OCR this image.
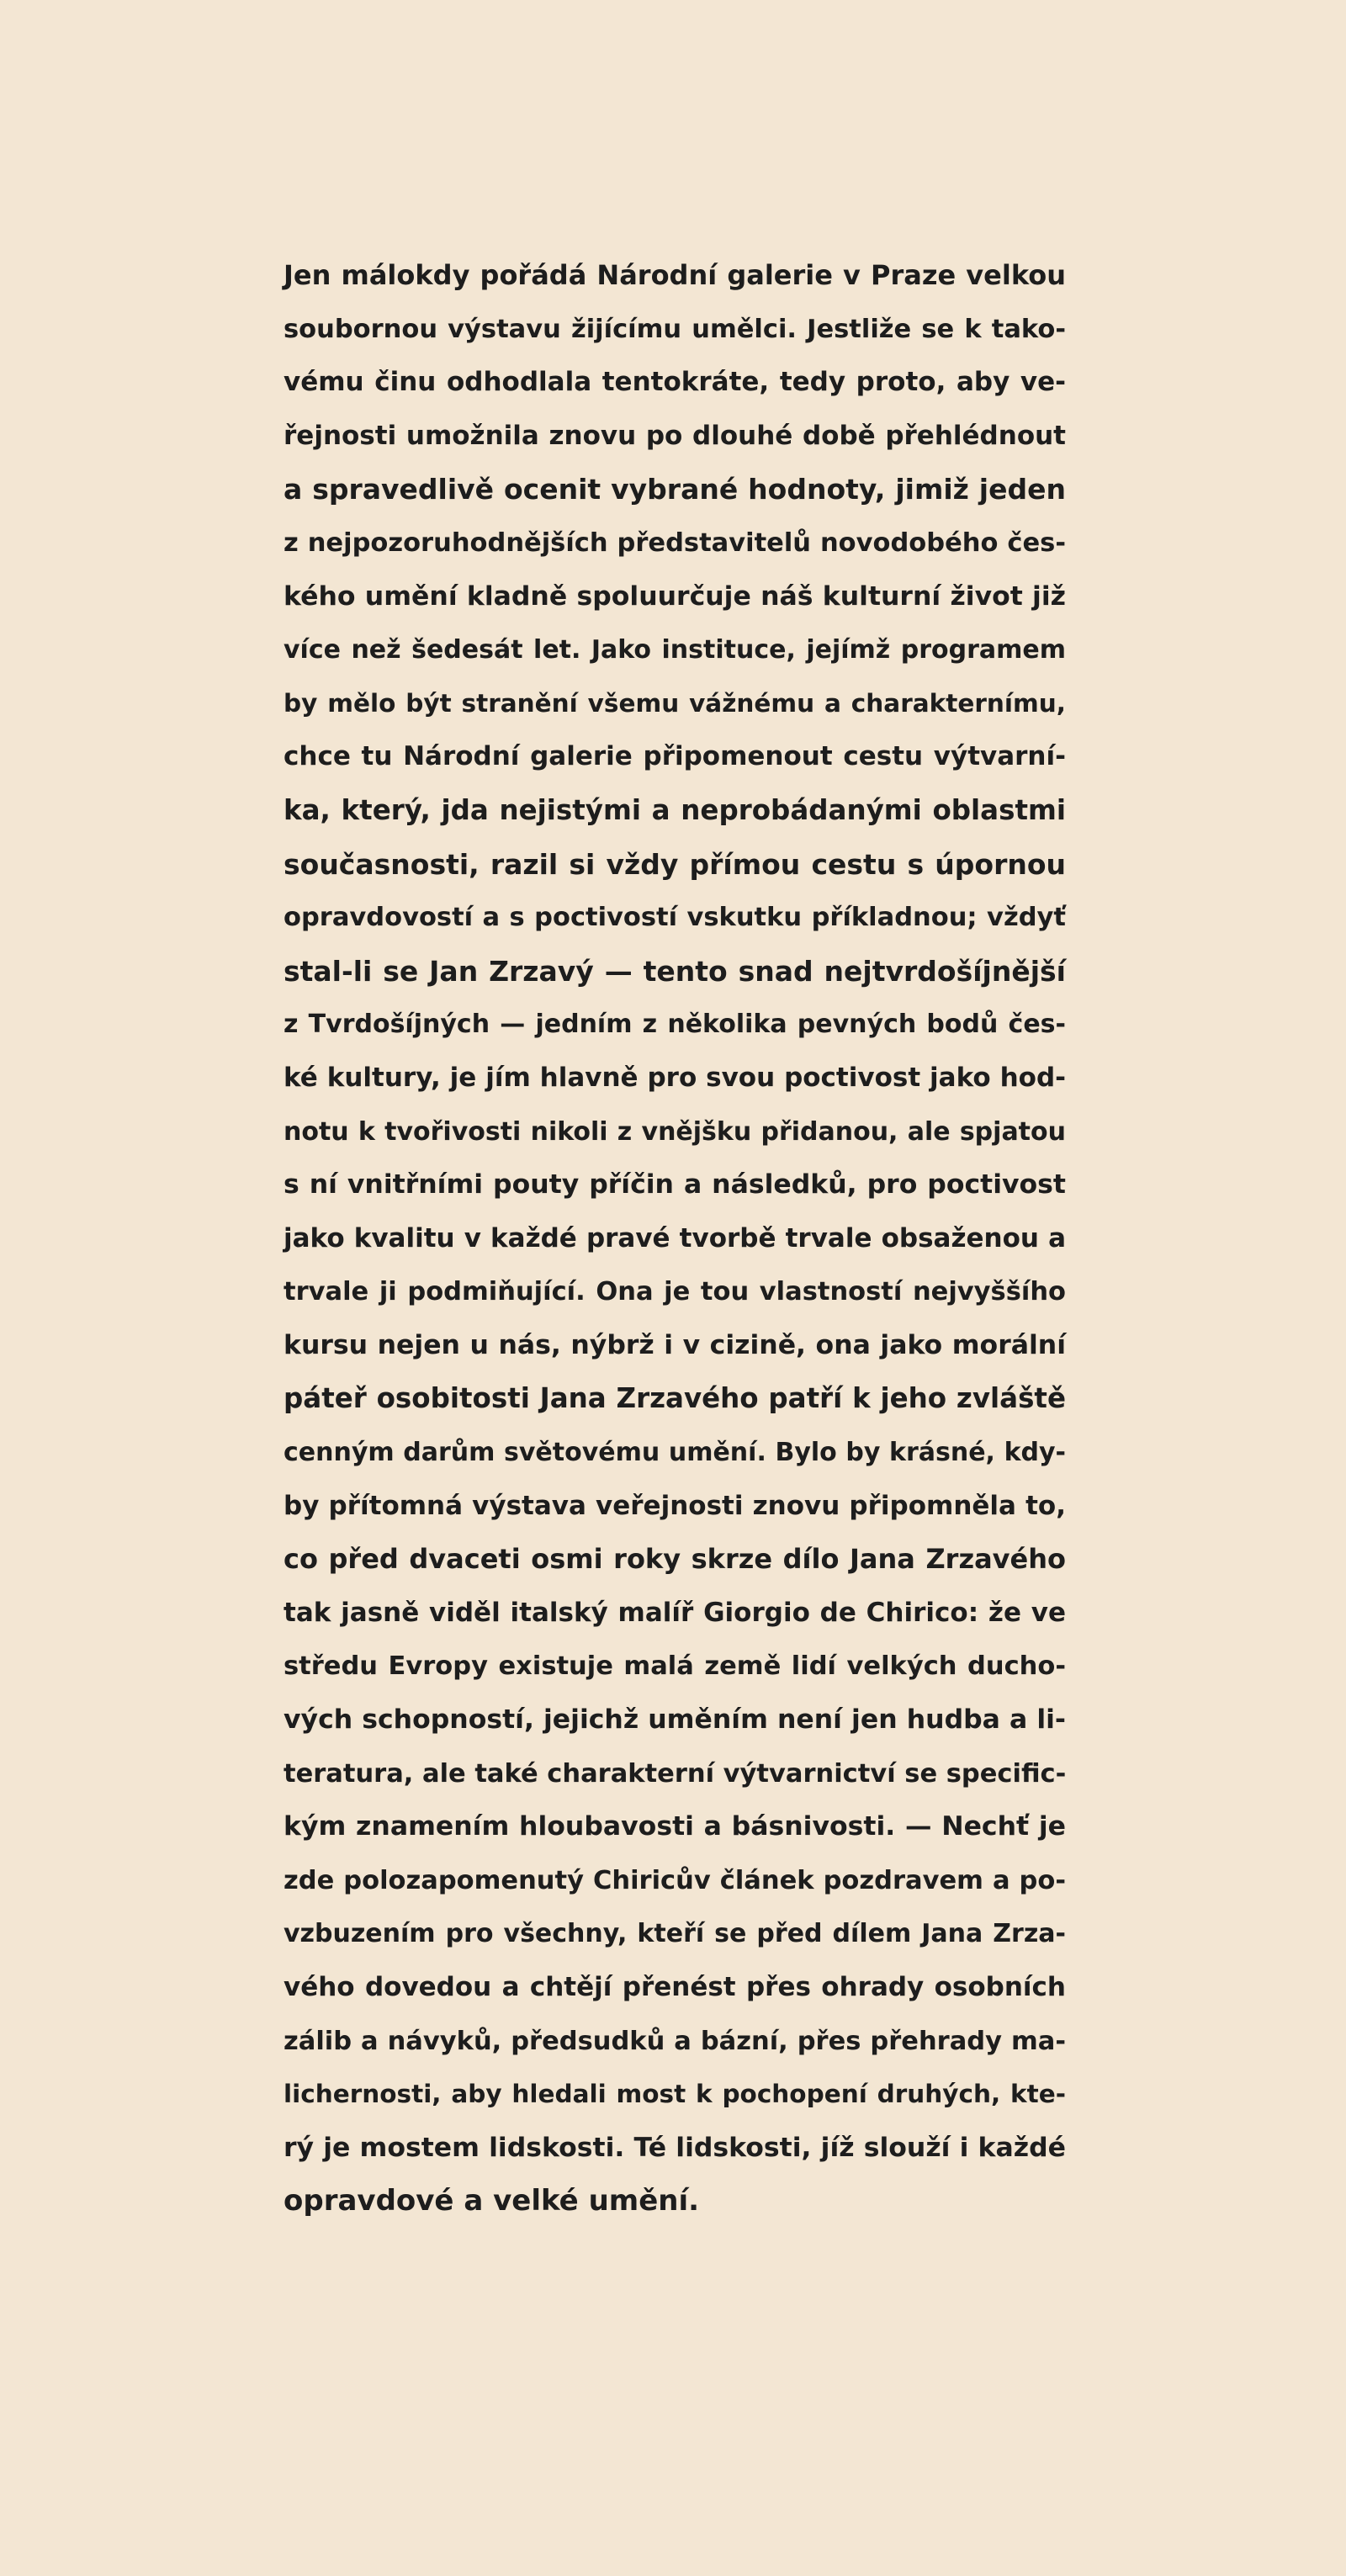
Jen málokdy pořádá Národní galerie v Praze velkou
soubornou výstavu žijícímu umělci. Jestliže se k tako-
vému činu odhodlala tentokráte, tedy proto, aby ve-
řejnosti umožnila znovu po dlouhé době přehlédnout
a spravedlivě ocenit vybrané hodnoty, jimiž jeden
z nejpozoruhodnějších představitelů novodobého čes-
kého umění kladně spoluurčuje náš kulturní život již
více než šedesát let. Jako instituce, jejímž programem
by mělo být stranění všemu vážnému a charakternímu,
chce tu Národní galerie připomenout cestu výtvarní-
ka, který, jda nejistými a neprobádanými oblastmi
současnosti, razil si vždy přímou cestu s úpornou
opravdovostí a s poctivostí vskutku příkladnou; vždyť
stal-li se Jan Zrzavý — tento snad nejtvrdošíjnější
z Tvrdošíjných — jedním z několika pevných bodů čes-
ké kultury, je jím hlavně pro svou poctivost jako hod-
notu k tvořivosti nikoli z vnějšku přidanou, ale spjatou
s ní vnitřními pouty příčin a následků, pro poctivost
jako kvalitu v každé pravé tvorbě trvale obsaženou a
trvale ji podmiňující. Ona je tou vlastností nejvyššího
kursu nejen u nás, nýbrž i v cizině, ona jako morální
páteř osobitosti Jana Zrzavého patří k jeho zvláště
cenným darům světovému umění. Bylo by krásné, kdy-
by přítomná výstava veřejnosti znovu připomněla to,
co před dvaceti osmi roky skrze dílo Jana Zrzavého
tak jasně viděl italský malíř Giorgio de Chirico: že ve
středu Evropy existuje malá země lidí velkých ducho-
vých schopností, jejichž uměním není jen hudba a li-
teratura, ale také charakterní výtvarnictví se specific-
kým znamením hloubavosti a básnivosti. — Nechť je
zde polozapomenutý Chiricův článek pozdravem a po-
vzbuzením pro všechny, kteří se před dílem Jana Zrza-
vého dovedou a chtějí přenést přes ohrady osobních
zálib a návyků, předsudků a bázní, přes přehrady ma-
lichernosti, aby hledali most k pochopení druhých, kte-
rý je mostem lidskosti. Té lidskosti, jíž slouží i každé
opravdové a velké umění.
